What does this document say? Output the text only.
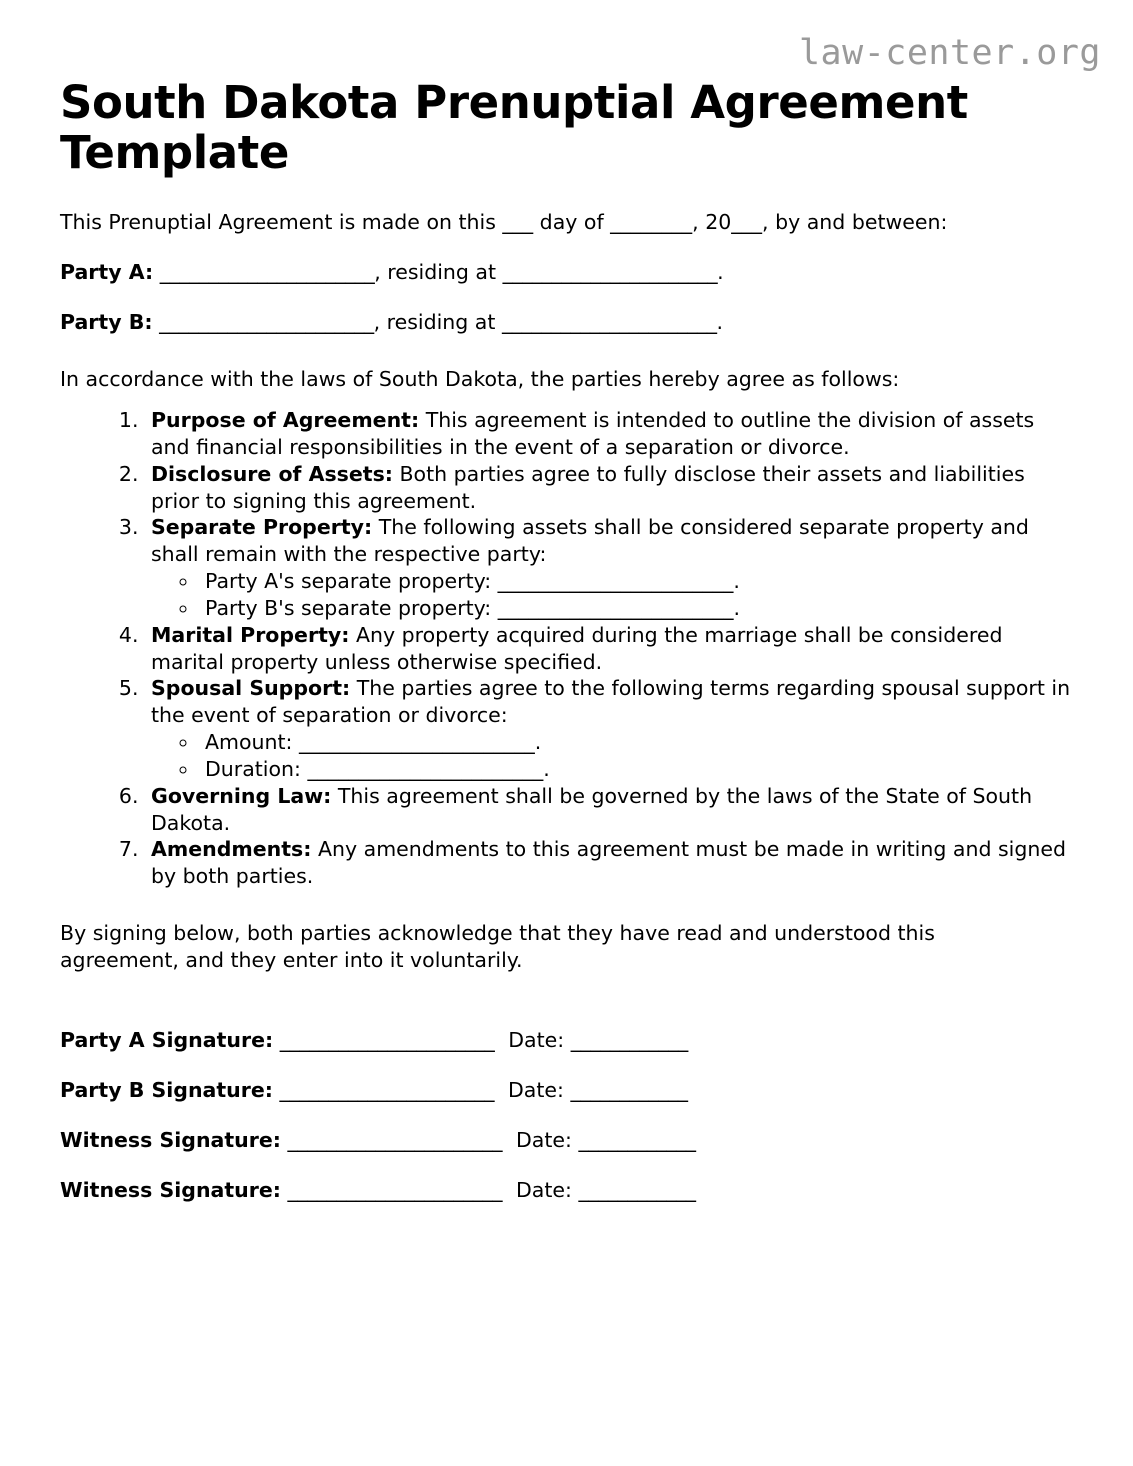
law-center.org
South Dakota Prenuptial Agreement Template

This Prenuptial Agreement is made on this ___ day of ________, 20___, by and between:

Party A: ______________________, residing at ______________________.

Party B: ______________________, residing at ______________________.

In accordance with the laws of South Dakota, the parties hereby agree as follows:

1. Purpose of Agreement: This agreement is intended to outline the division of assets and financial responsibilities in the event of a separation or divorce.
2. Disclosure of Assets: Both parties agree to fully disclose their assets and liabilities prior to signing this agreement.
3. Separate Property: The following assets shall be considered separate property and shall remain with the respective party:
◦ Party A's separate property: _______________________.
◦ Party B's separate property: _______________________.
4. Marital Property: Any property acquired during the marriage shall be considered marital property unless otherwise specified.
5. Spousal Support: The parties agree to the following terms regarding spousal support in the event of separation or divorce:
◦ Amount: _______________________.
◦ Duration: _______________________.
6. Governing Law: This agreement shall be governed by the laws of the State of South Dakota.
7. Amendments: Any amendments to this agreement must be made in writing and signed by both parties.

By signing below, both parties acknowledge that they have read and understood this agreement, and they enter into it voluntarily.

Party A Signature: ______________________ Date: ____________

Party B Signature: ______________________ Date: ____________

Witness Signature: ______________________ Date: ____________

Witness Signature: ______________________ Date: ____________
